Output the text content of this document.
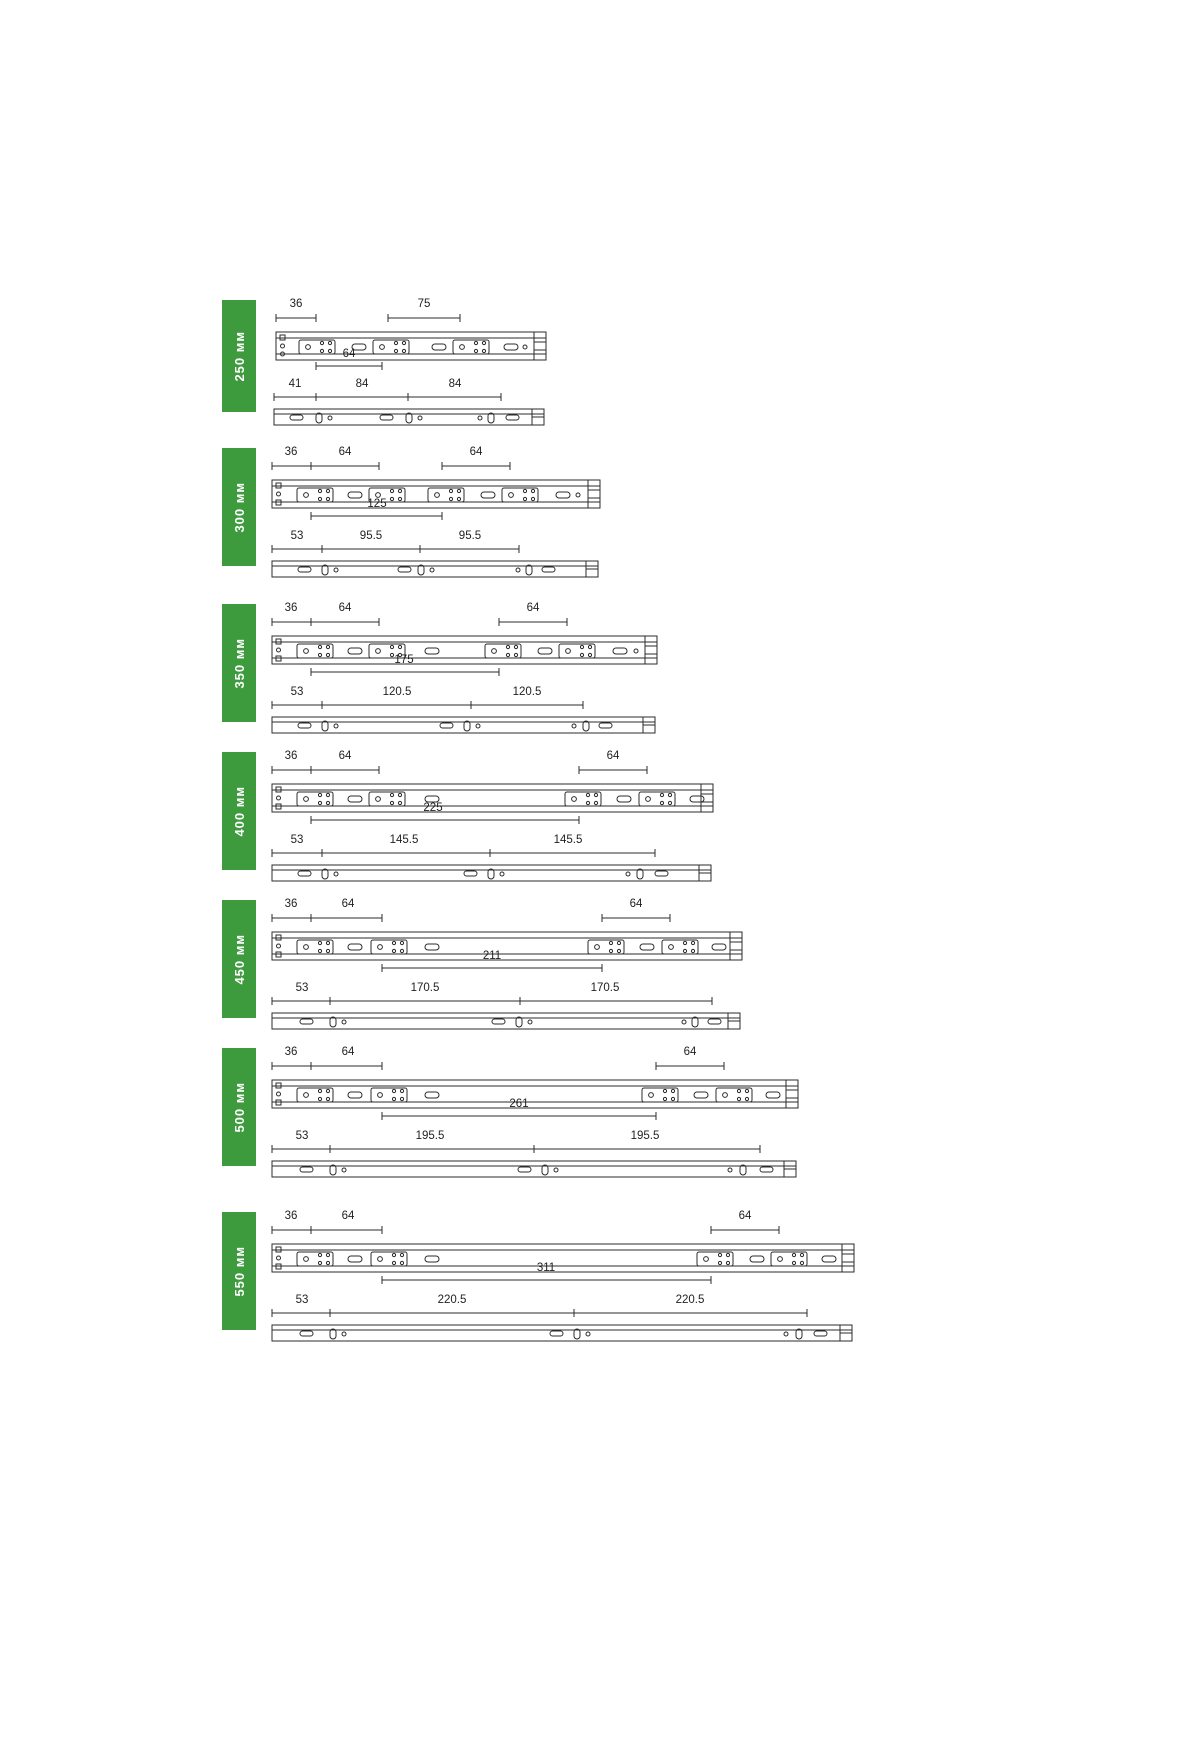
250 мм
36	75
64
41	84	84
300 мм
36	64	64
125
53	95.5	95.5
350 мм
36	64	64
175
53	120.5	120.5
400 мм
36	64	64
225
53	145.5	145.5
450 мм
36	64	64
211
53	170.5	170.5
500 мм
36	64	64
261
53	195.5	195.5
550 мм
36	64	64
311
53	220.5	220.5
